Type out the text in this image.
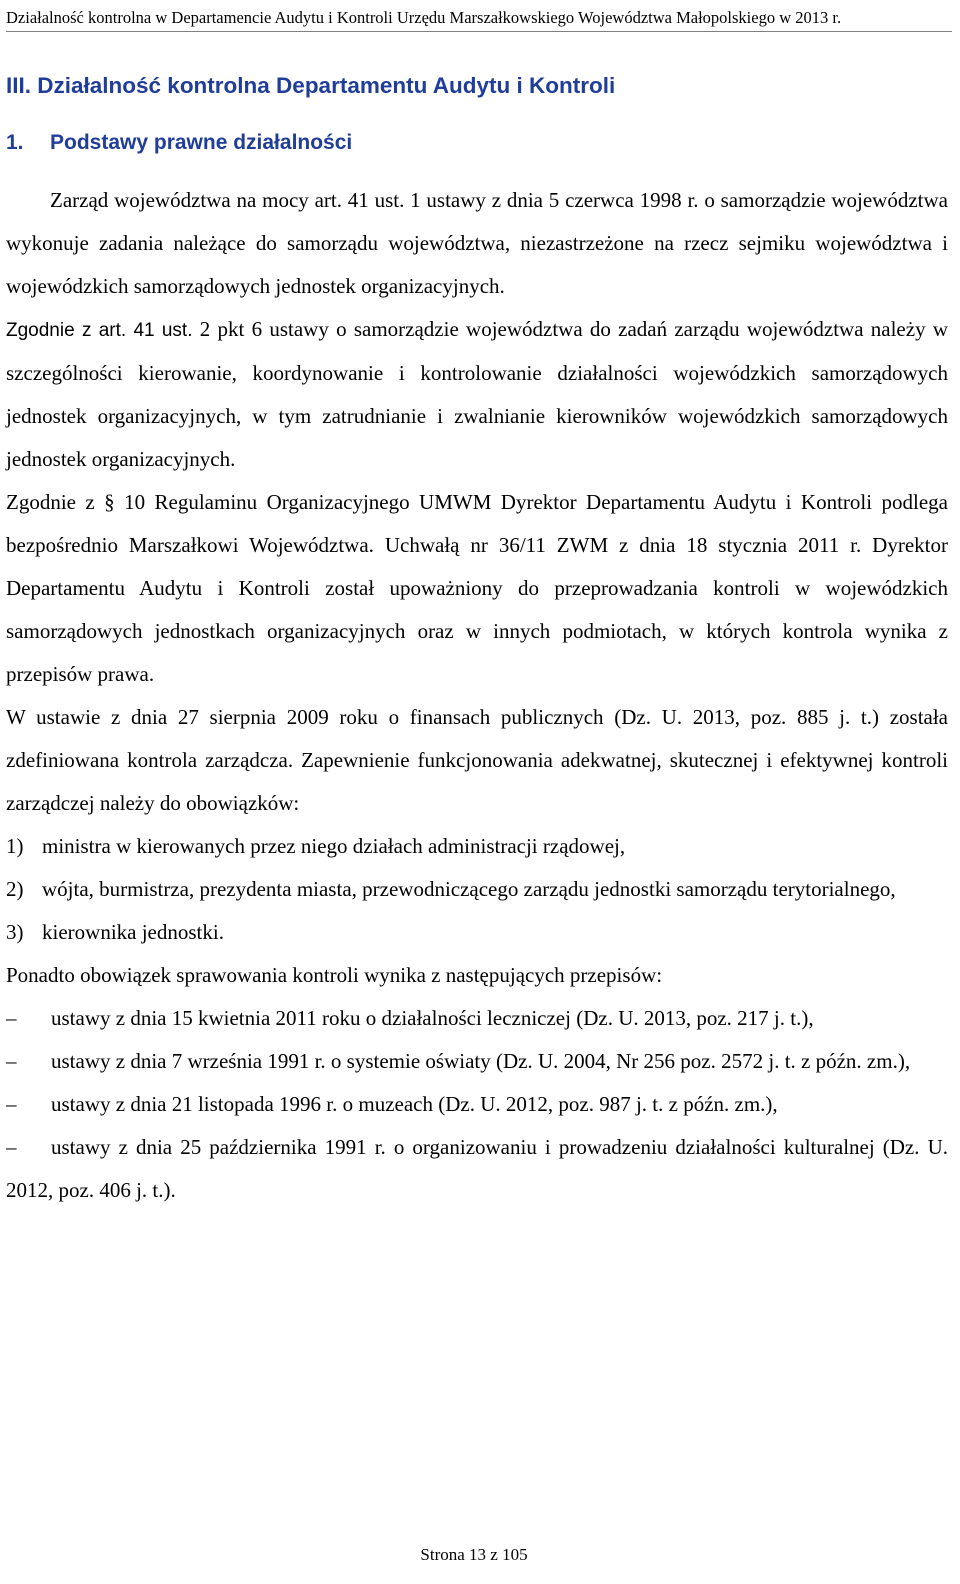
Działalność kontrolna w Departamencie Audytu i Kontroli Urzędu Marszałkowskiego Województwa Małopolskiego w 2013 r.
III. Działalność kontrolna Departamentu Audytu i Kontroli
1. Podstawy prawne działalności

Zarząd województwa na mocy art. 41 ust. 1 ustawy z dnia 5 czerwca 1998 r. o samorządzie województwa wykonuje zadania należące do samorządu województwa, niezastrzeżone na rzecz sejmiku województwa i wojewódzkich samorządowych jednostek organizacyjnych.

Zgodnie z art. 41 ust. 2 pkt 6 ustawy o samorządzie województwa do zadań zarządu województwa należy w szczególności kierowanie, koordynowanie i kontrolowanie działalności wojewódzkich samorządowych jednostek organizacyjnych, w tym zatrudnianie i zwalnianie kierowników wojewódzkich samorządowych jednostek organizacyjnych.

Zgodnie z § 10 Regulaminu Organizacyjnego UMWM Dyrektor Departamentu Audytu i Kontroli podlega bezpośrednio Marszałkowi Województwa. Uchwałą nr 36/11 ZWM z dnia 18 stycznia 2011 r. Dyrektor Departamentu Audytu i Kontroli został upoważniony do przeprowadzania kontroli w wojewódzkich samorządowych jednostkach organizacyjnych oraz w innych podmiotach, w których kontrola wynika z przepisów prawa.

W ustawie z dnia 27 sierpnia 2009 roku o finansach publicznych (Dz. U. 2013, poz. 885 j. t.) została zdefiniowana kontrola zarządcza. Zapewnienie funkcjonowania adekwatnej, skutecznej i efektywnej kontroli zarządczej należy do obowiązków:

1) ministra w kierowanych przez niego działach administracji rządowej,
2) wójta, burmistrza, prezydenta miasta, przewodniczącego zarządu jednostki samorządu terytorialnego,
3) kierownika jednostki.

Ponadto obowiązek sprawowania kontroli wynika z następujących przepisów:

– ustawy z dnia 15 kwietnia 2011 roku o działalności leczniczej (Dz. U. 2013, poz. 217 j. t.),

– ustawy z dnia 7 września 1991 r. o systemie oświaty (Dz. U. 2004, Nr 256 poz. 2572 j. t. z późn. zm.),

– ustawy z dnia 21 listopada 1996 r. o muzeach (Dz. U. 2012, poz. 987 j. t. z późn. zm.),

– ustawy z dnia 25 października 1991 r. o organizowaniu i prowadzeniu działalności kulturalnej (Dz. U. 2012, poz. 406 j. t.).

Strona 13 z 105
